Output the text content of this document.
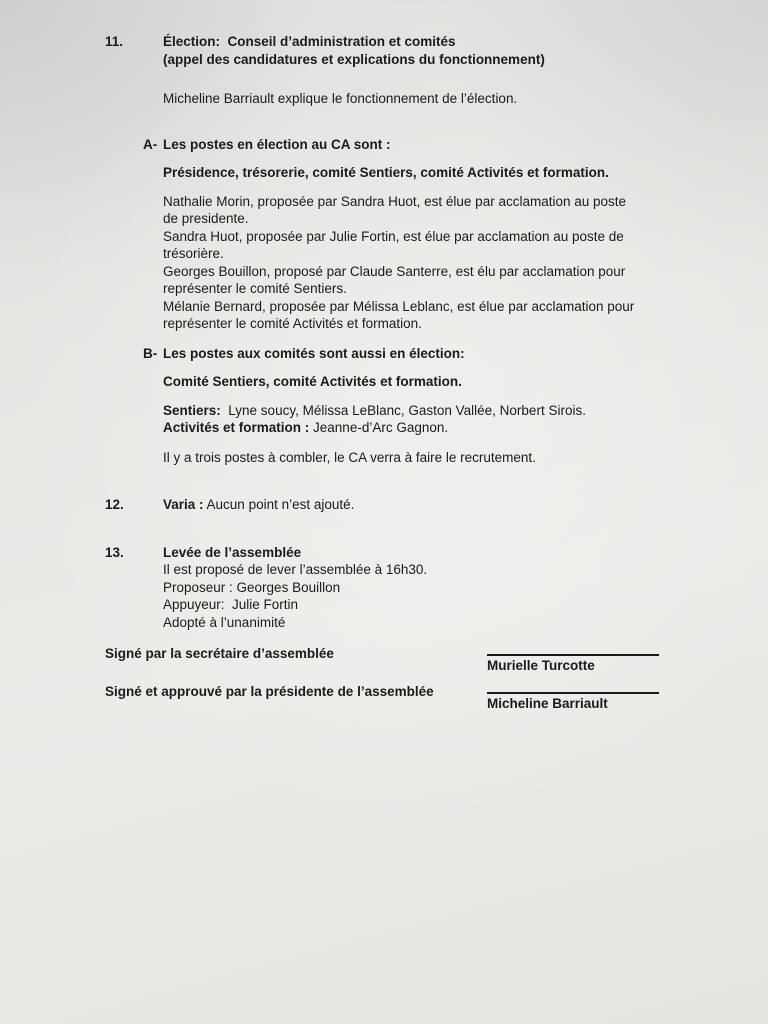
11.	Élection:  Conseil d’administration et comités
(appel des candidatures et explications du fonctionnement)
Micheline Barriault explique le fonctionnement de l’élection.
A- Les postes en élection au CA sont :
Présidence, trésorerie, comité Sentiers, comité Activités et formation.
Nathalie Morin, proposée par Sandra Huot, est élue par acclamation au poste
de presidente.
Sandra Huot, proposée par Julie Fortin, est élue par acclamation au poste de
trésorière.
Georges Bouillon, proposé par Claude Santerre, est élu par acclamation pour
représenter le comité Sentiers.
Mélanie Bernard, proposée par Mélissa Leblanc, est élue par acclamation pour
représenter le comité Activités et formation.
B- Les postes aux comités sont aussi en élection:
Comité Sentiers, comité Activités et formation.
Sentiers:  Lyne soucy, Mélissa LeBlanc, Gaston Vallée, Norbert Sirois.
Activités et formation : Jeanne-d’Arc Gagnon.
Il y a trois postes à combler, le CA verra à faire le recrutement.
12.	Varia : Aucun point n’est ajouté.
13.	Levée de l’assemblée
Il est proposé de lever l’assemblée à 16h30.
Proposeur : Georges Bouillon
Appuyeur:  Julie Fortin
Adopté à l’unanimité
Signé par la secrétaire d’assemblée
Murielle Turcotte
Signé et approuvé par la présidente de l’assemblée
Micheline Barriault
